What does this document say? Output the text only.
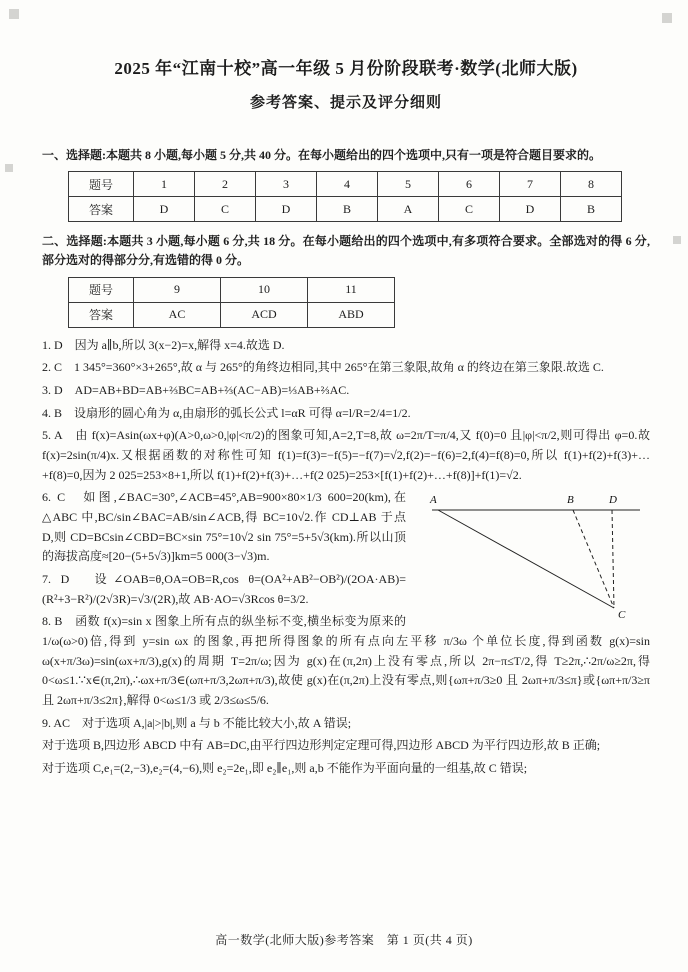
2025 年“江南十校”高一年级 5 月份阶段联考·数学(北师大版)
参考答案、提示及评分细则

一、选择题:本题共 8 小题,每小题 5 分,共 40 分。在每小题给出的四个选项中,只有一项是符合题目要求的。

题号	1	2	3	4	5	6	7	8
答案	D	C	D	B	A	C	D	B

二、选择题:本题共 3 小题,每小题 6 分,共 18 分。在每小题给出的四个选项中,有多项符合要求。全部选对的得 6 分,部分选对的得部分分,有选错的得 0 分。

题号	9	10	11
答案	AC	ACD	ABD

1. D　因为 a∥b,所以 3(x−2)=x,解得 x=4.故选 D.

2. C　1 345°=360°×3+265°,故 α 与 265°的角终边相同,其中 265°在第三象限,故角 α 的终边在第三象限.故选 C.

3. D　AD=AB+BD=AB+⅔BC=AB+⅔(AC−AB)=⅓AB+⅔AC.

4. B　设扇形的圆心角为 α,由扇形的弧长公式 l=αR 可得 α=l/R=2/4=1/2.

5. A　由 f(x)=Asin(ωx+φ)(A>0,ω>0,|φ|<π/2)的图象可知,A=2,T=8,故 ω=2π/T=π/4,又 f(0)=0 且|φ|<π/2,则可得出 φ=0.故 f(x)=2sin(π/4)x.又根据函数的对称性可知 f(1)=f(3)=−f(5)=−f(7)=√2,f(2)=−f(6)=2,f(4)=f(8)=0,所以 f(1)+f(2)+f(3)+…+f(8)=0,因为 2 025=253×8+1,所以 f(1)+f(2)+f(3)+…+f(2 025)=253×[f(1)+f(2)+…+f(8)]+f(1)=√2.

A	B	D
C

6. C　如图,∠BAC=30°,∠ACB=45°,AB=900×80×1/3 600=20(km),在△ABC 中,BC/sin∠BAC=AB/sin∠ACB,得 BC=10√2.作 CD⊥AB 于点 D,则 CD=BCsin∠CBD=BC×sin 75°=10√2 sin 75°=5+5√3(km).所以山顶的海拔高度≈[20−(5+5√3)]km=5 000(3−√3)m.

7. D　设∠OAB=θ,OA=OB=R,cos θ=(OA²+AB²−OB²)/(2OA·AB)=(R²+3−R²)/(2√3R)=√3/(2R),故 AB·AO=√3Rcos θ=3/2.

8. B　函数 f(x)=sin x 图象上所有点的纵坐标不变,横坐标变为原来的 1/ω(ω>0)倍,得到 y=sin ωx 的图象,再把所得图象的所有点向左平移 π/3ω 个单位长度,得到函数 g(x)=sin ω(x+π/3ω)=sin(ωx+π/3),g(x)的周期 T=2π/ω;因为 g(x)在(π,2π)上没有零点,所以 2π−π≤T/2,得 T≥2π,∴2π/ω≥2π,得 0<ω≤1.∵x∈(π,2π),∴ωx+π/3∈(ωπ+π/3,2ωπ+π/3),故使 g(x)在(π,2π)上没有零点,则{ωπ+π/3≥0 且 2ωπ+π/3≤π}或{ωπ+π/3≥π 且 2ωπ+π/3≤2π},解得 0<ω≤1/3 或 2/3≤ω≤5/6.

9. AC　对于选项 A,|a|>|b|,则 a 与 b 不能比较大小,故 A 错误;

对于选项 B,四边形 ABCD 中有 AB=DC,由平行四边形判定定理可得,四边形 ABCD 为平行四边形,故 B 正确;

对于选项 C,e₁=(2,−3),e₂=(4,−6),则 e₂=2e₁,即 e₂∥e₁,则 a,b 不能作为平面向量的一组基,故 C 错误;

高一数学(北师大版)参考答案　第 1 页(共 4 页)
